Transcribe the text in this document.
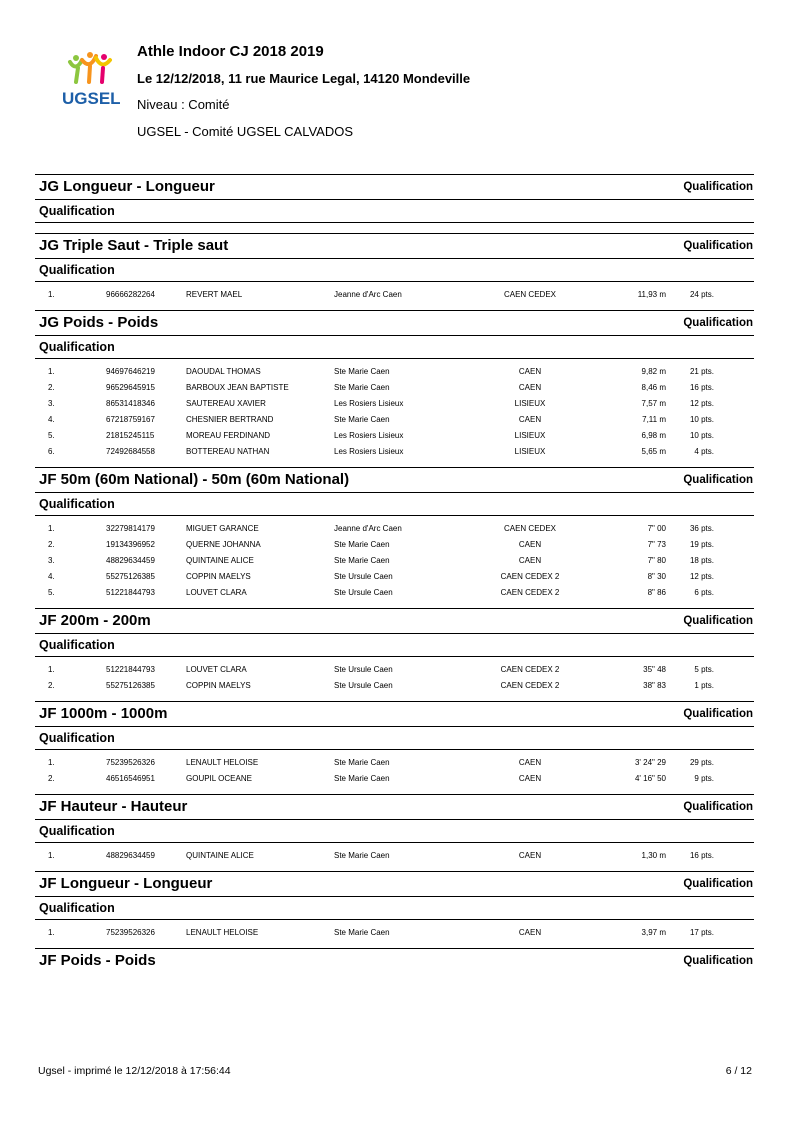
UGSEL
Athle Indoor CJ 2018 2019
Le 12/12/2018, 11 rue Maurice Legal, 14120 Mondeville
Niveau : Comité
UGSEL - Comité UGSEL CALVADOS
JG Longueur - Longueur	Qualification
Qualification
JG Triple Saut - Triple saut	Qualification
Qualification
1.	96666282264	REVERT MAEL	Jeanne d'Arc Caen	CAEN CEDEX	11,93 m	24 pts.
JG Poids - Poids	Qualification
Qualification
1.	94697646219	DAOUDAL THOMAS	Ste Marie Caen	CAEN	9,82 m	21 pts.
2.	96529645915	BARBOUX JEAN BAPTISTE	Ste Marie Caen	CAEN	8,46 m	16 pts.
3.	86531418346	SAUTEREAU XAVIER	Les Rosiers Lisieux	LISIEUX	7,57 m	12 pts.
4.	67218759167	CHESNIER BERTRAND	Ste Marie Caen	CAEN	7,11 m	10 pts.
5.	21815245115	MOREAU FERDINAND	Les Rosiers Lisieux	LISIEUX	6,98 m	10 pts.
6.	72492684558	BOTTEREAU NATHAN	Les Rosiers Lisieux	LISIEUX	5,65 m	4 pts.
JF 50m (60m National) - 50m (60m National)	Qualification
Qualification
1.	32279814179	MIGUET GARANCE	Jeanne d'Arc Caen	CAEN CEDEX	7" 00	36 pts.
2.	19134396952	QUERNE JOHANNA	Ste Marie Caen	CAEN	7" 73	19 pts.
3.	48829634459	QUINTAINE ALICE	Ste Marie Caen	CAEN	7" 80	18 pts.
4.	55275126385	COPPIN MAELYS	Ste Ursule Caen	CAEN CEDEX 2	8" 30	12 pts.
5.	51221844793	LOUVET CLARA	Ste Ursule Caen	CAEN CEDEX 2	8" 86	6 pts.
JF 200m - 200m	Qualification
Qualification
1.	51221844793	LOUVET CLARA	Ste Ursule Caen	CAEN CEDEX 2	35" 48	5 pts.
2.	55275126385	COPPIN MAELYS	Ste Ursule Caen	CAEN CEDEX 2	38" 83	1 pts.
JF 1000m - 1000m	Qualification
Qualification
1.	75239526326	LENAULT HELOISE	Ste Marie Caen	CAEN	3' 24" 29	29 pts.
2.	46516546951	GOUPIL OCEANE	Ste Marie Caen	CAEN	4' 16" 50	9 pts.
JF Hauteur - Hauteur	Qualification
Qualification
1.	48829634459	QUINTAINE ALICE	Ste Marie Caen	CAEN	1,30 m	16 pts.
JF Longueur - Longueur	Qualification
Qualification
1.	75239526326	LENAULT HELOISE	Ste Marie Caen	CAEN	3,97 m	17 pts.
JF Poids - Poids	Qualification
Ugsel - imprimé le 12/12/2018 à 17:56:44	6 / 12
